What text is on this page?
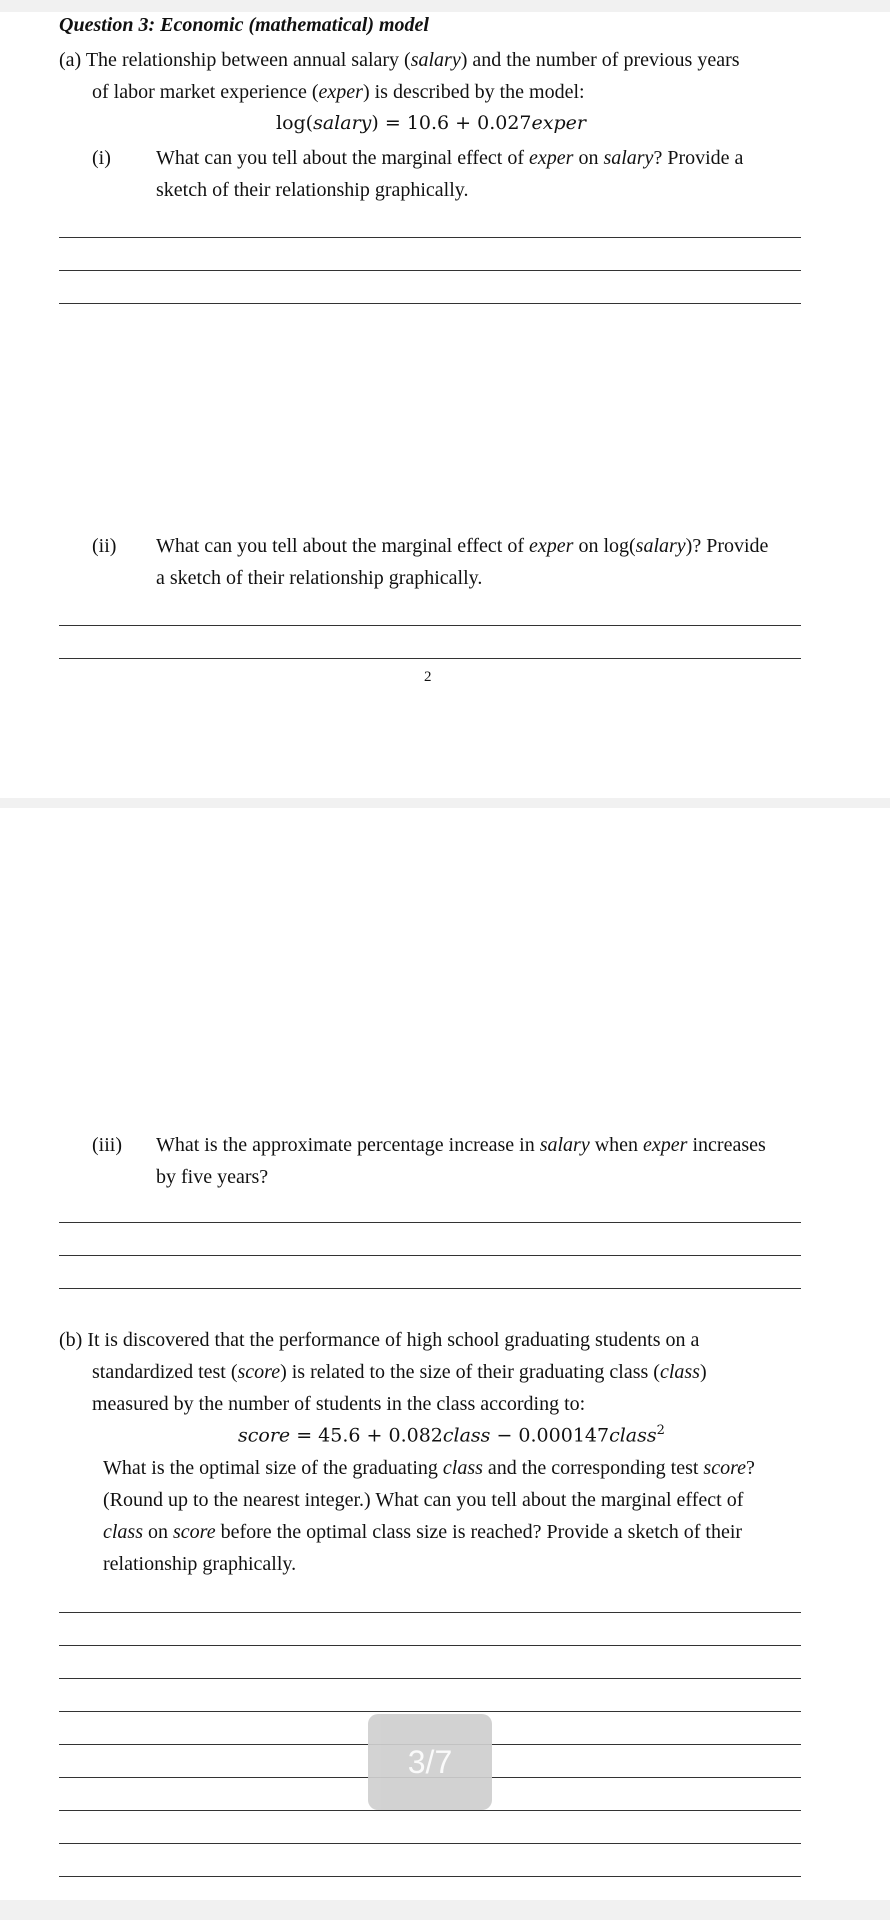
Question 3: Economic (mathematical) model
(a) The relationship between annual salary (salary) and the number of previous years
of labor market experience (exper) is described by the model:
log(salary) = 10.6 + 0.027exper
(i) What can you tell about the marginal effect of exper on salary? Provide a
sketch of their relationship graphically.
(ii) What can you tell about the marginal effect of exper on log(salary)? Provide
a sketch of their relationship graphically.
2
(iii) What is the approximate percentage increase in salary when exper increases
by five years?
(b) It is discovered that the performance of high school graduating students on a
standardized test (score) is related to the size of their graduating class (class)
measured by the number of students in the class according to:
score = 45.6 + 0.082class − 0.000147class$^2$
What is the optimal size of the graduating class and the corresponding test score?
(Round up to the nearest integer.) What can you tell about the marginal effect of
class on score before the optimal class size is reached? Provide a sketch of their
relationship graphically.
3/7
